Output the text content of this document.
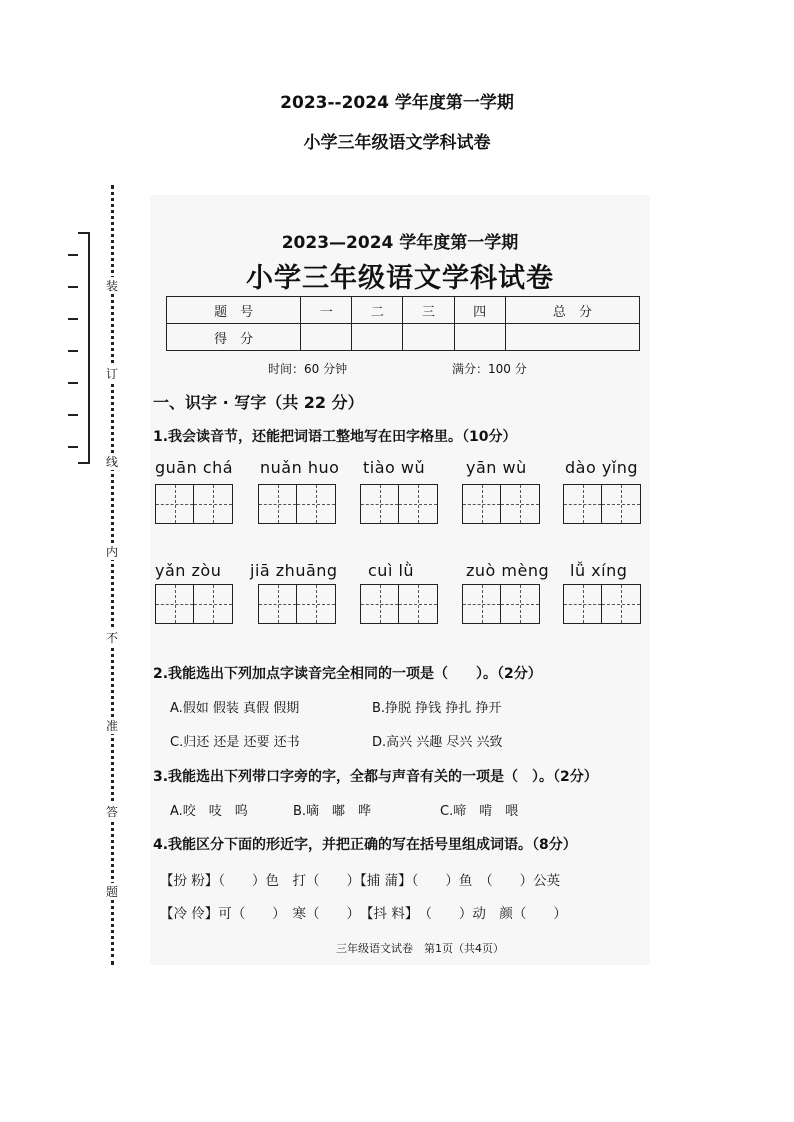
2023--2024 学年度第一学期
小学三年级语文学科试卷
装
订
线
内
不
准
答
题
2023—2024 学年度第一学期
小学三年级语文学科试卷
题　号	一	二	三	四	总　分
得　分					
时间：60 分钟	满分：100 分
一、识字 · 写字（共 22 分）
1.我会读音节，还能把词语工整地写在田字格里。（10分）
guān chá nuǎn huo tiào wǔ	yān wù dào yǐng
yǎn zòu jiā zhuāng cuì lǜ	zuò mèng lǚ xíng
2.我能选出下列加点字读音完全相同的一项是（　　）。（2分）
A.假如 假装 真假 假期	B.挣脱 挣钱 挣扎 挣开
C.归还 还是 还要 还书	D.高兴 兴趣 尽兴 兴致
3.我能选出下列带口字旁的字，全都与声音有关的一项是（　）。（2分）
A.咬　吱　呜	B.嘀　嘟　哗	C.啼　啃　喂
4.我能区分下面的形近字，并把正确的写在括号里组成词语。（8分）
【扮 粉】（　　）色　打（　　）【捕 蒲】（　　）鱼　（　　）公英
【冷 伶】可（　　）　寒（　　）　【抖 料】　（　　）动　颜（　　）
三年级语文试卷　第1页（共4页）
